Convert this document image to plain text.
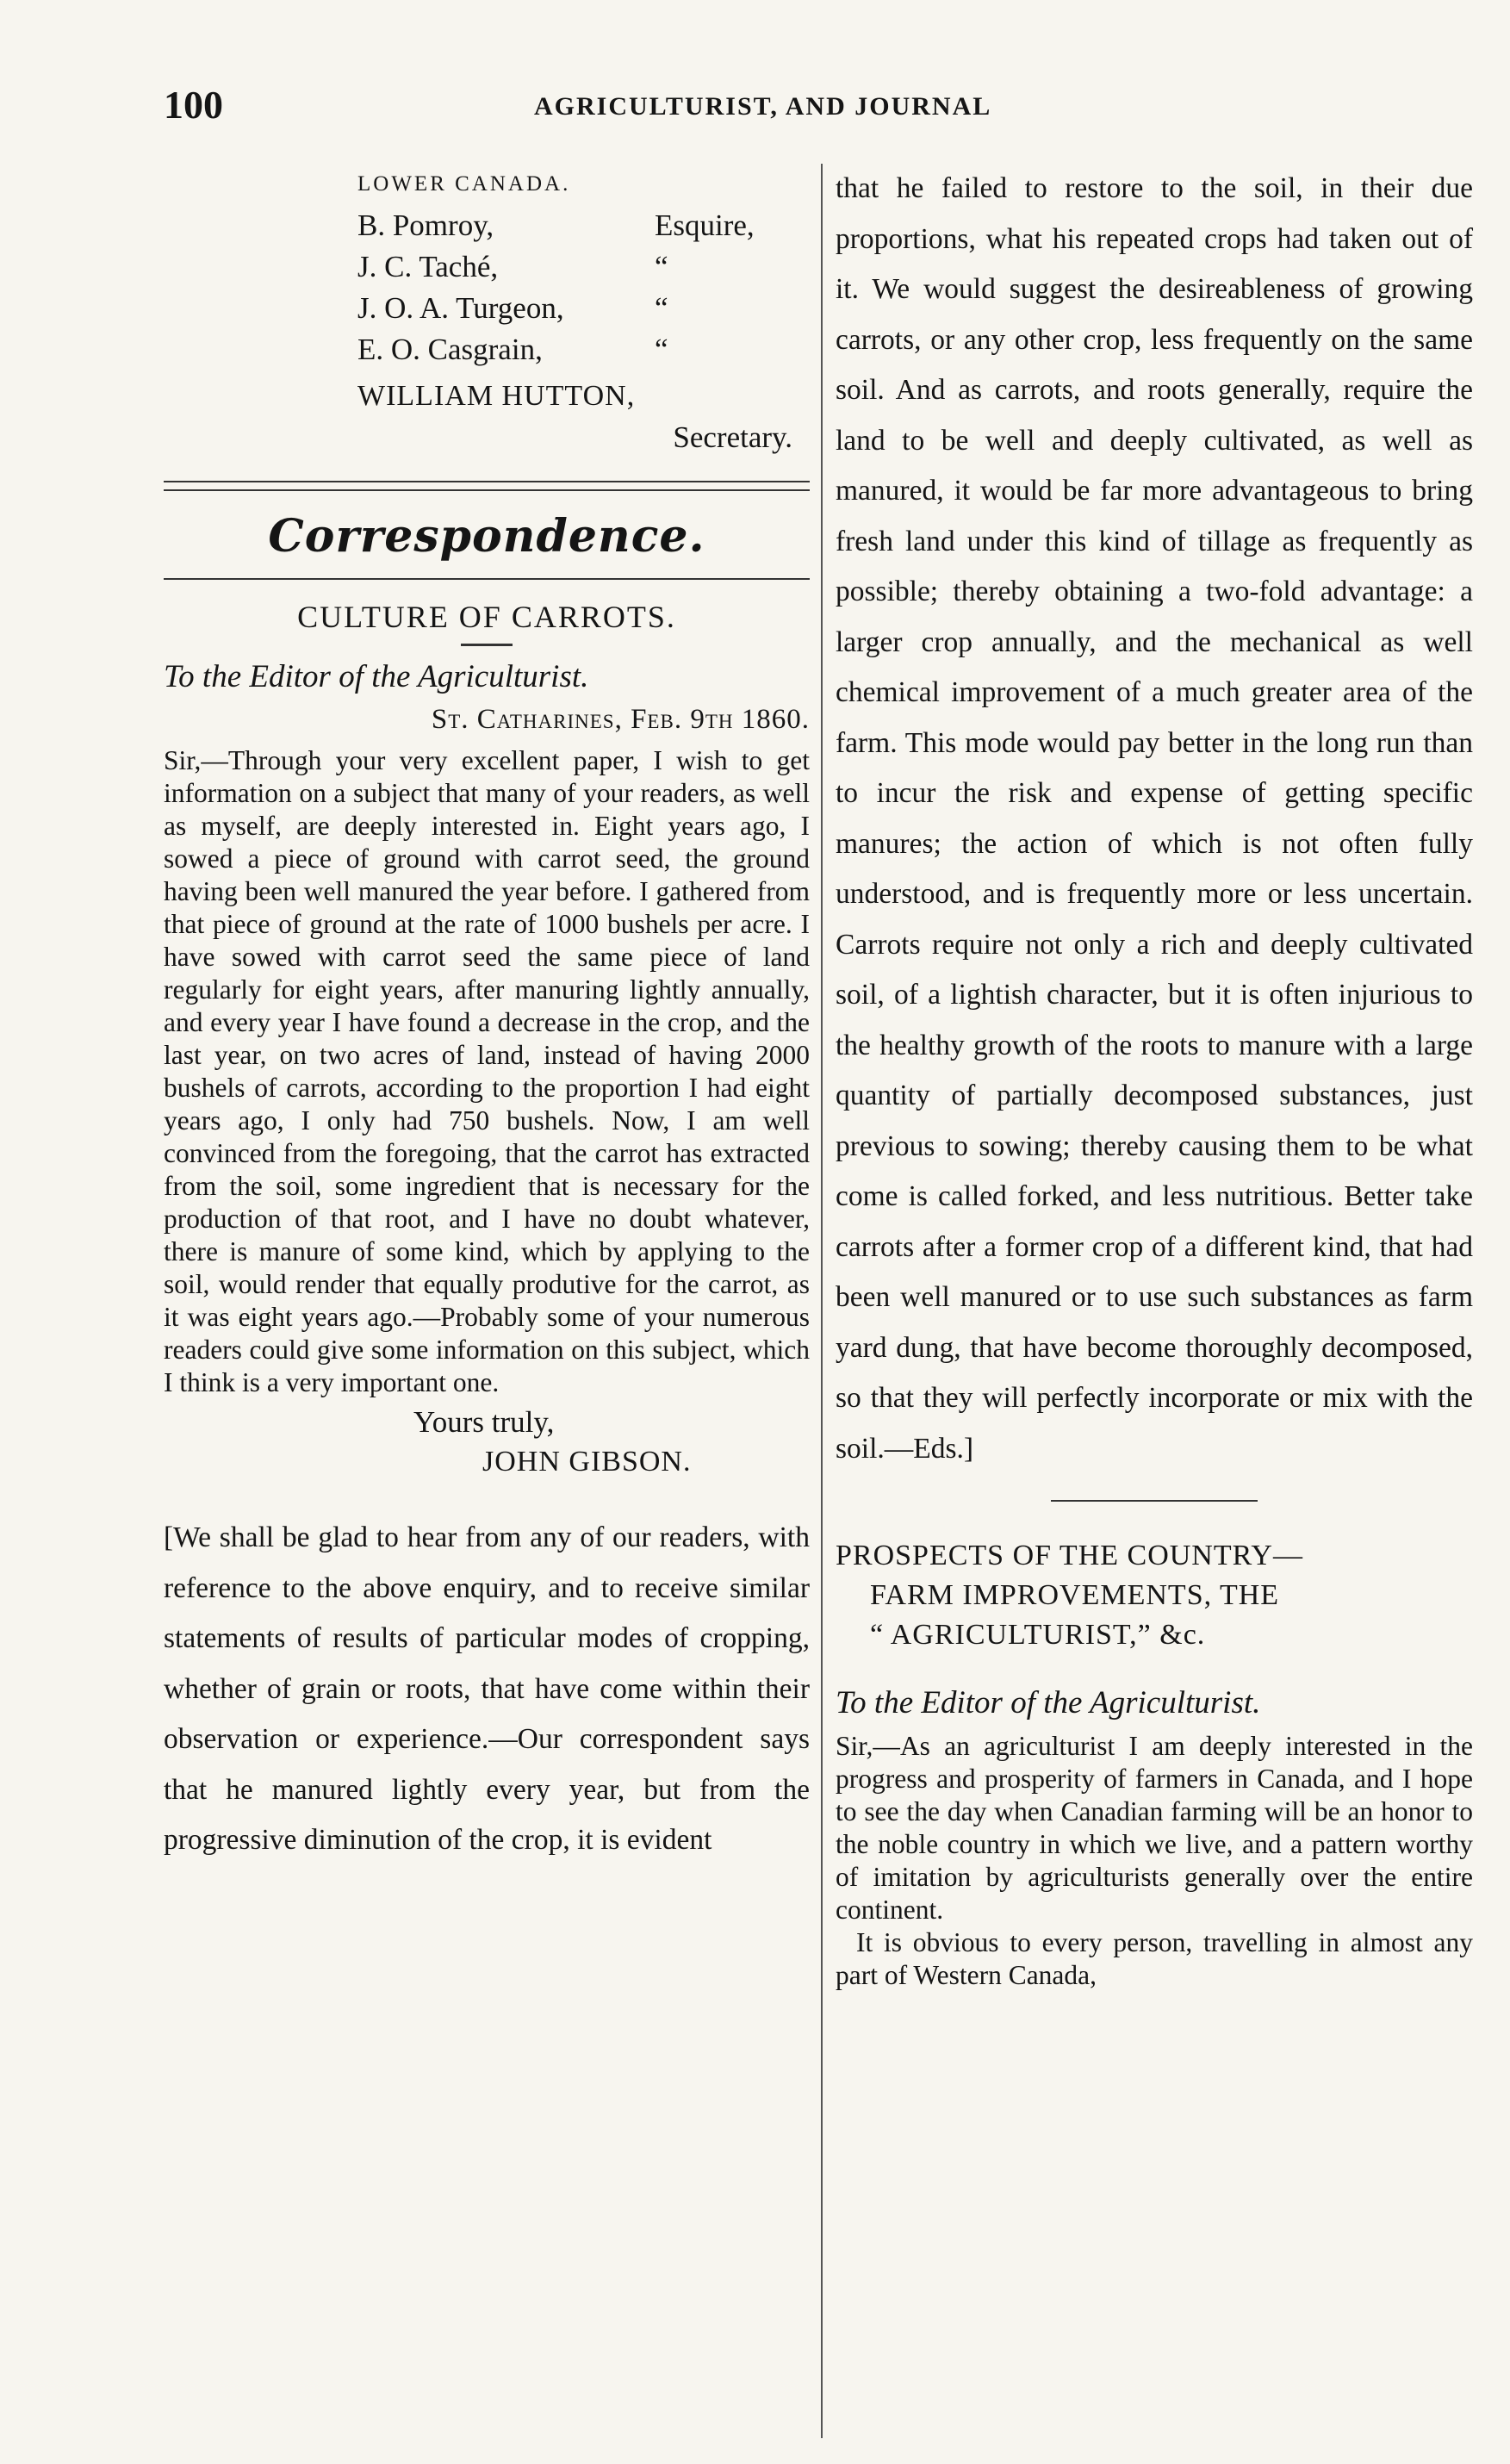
100	AGRICULTURIST, AND JOURNAL
LOWER CANADA.
B. Pomroy,	Esquire,
J. C. Taché,	“
J. O. A. Turgeon,	“
E. O. Casgrain,	“
WILLIAM HUTTON,
Secretary.
Correspondence.
CULTURE OF CARROTS.
To the Editor of the Agriculturist.
St. Catharines, Feb. 9th 1860.

Sir,—Through your very excellent paper, I wish to get information on a subject that many of your readers, as well as myself, are deeply interested in. Eight years ago, I sowed a piece of ground with carrot seed, the ground having been well manured the year before. I gathered from that piece of ground at the rate of 1000 bushels per acre. I have sowed with carrot seed the same piece of land regularly for eight years, after manuring lightly annually, and every year I have found a decrease in the crop, and the last year, on two acres of land, instead of having 2000 bushels of carrots, according to the proportion I had eight years ago, I only had 750 bushels. Now, I am well convinced from the foregoing, that the carrot has extracted from the soil, some ingredient that is necessary for the production of that root, and I have no doubt whatever, there is manure of some kind, which by applying to the soil, would render that equally produtive for the carrot, as it was eight years ago.—Probably some of your numerous readers could give some information on this subject, which I think is a very important one.

Yours truly,
JOHN GIBSON.

[We shall be glad to hear from any of our readers, with reference to the above enquiry, and to receive similar statements of results of particular modes of cropping, whether of grain or roots, that have come within their observation or experience.—Our correspondent says that he manured lightly every year, but from the progressive diminution of the crop, it is evident

that he failed to restore to the soil, in their due proportions, what his repeated crops had taken out of it. We would suggest the desireableness of growing carrots, or any other crop, less frequently on the same soil. And as carrots, and roots generally, require the land to be well and deeply cultivated, as well as manured, it would be far more advantageous to bring fresh land under this kind of tillage as frequently as possible; thereby obtaining a two-fold advantage: a larger crop annually, and the mechanical as well chemical improvement of a much greater area of the farm. This mode would pay better in the long run than to incur the risk and expense of getting specific manures; the action of which is not often fully understood, and is frequently more or less uncertain. Carrots require not only a rich and deeply cultivated soil, of a lightish character, but it is often injurious to the healthy growth of the roots to manure with a large quantity of partially decomposed substances, just previous to sowing; thereby causing them to be what come is called forked, and less nutritious. Better take carrots after a former crop of a different kind, that had been well manured or to use such substances as farm yard dung, that have become thoroughly decomposed, so that they will perfectly incorporate or mix with the soil.—Eds.]

PROSPECTS OF THE COUNTRY—
FARM IMPROVEMENTS, THE
“ AGRICULTURIST,” &c.
To the Editor of the Agriculturist.

Sir,—As an agriculturist I am deeply interested in the progress and prosperity of farmers in Canada, and I hope to see the day when Canadian farming will be an honor to the noble country in which we live, and a pattern worthy of imitation by agriculturists generally over the entire continent.

It is obvious to every person, travelling in almost any part of Western Canada,
